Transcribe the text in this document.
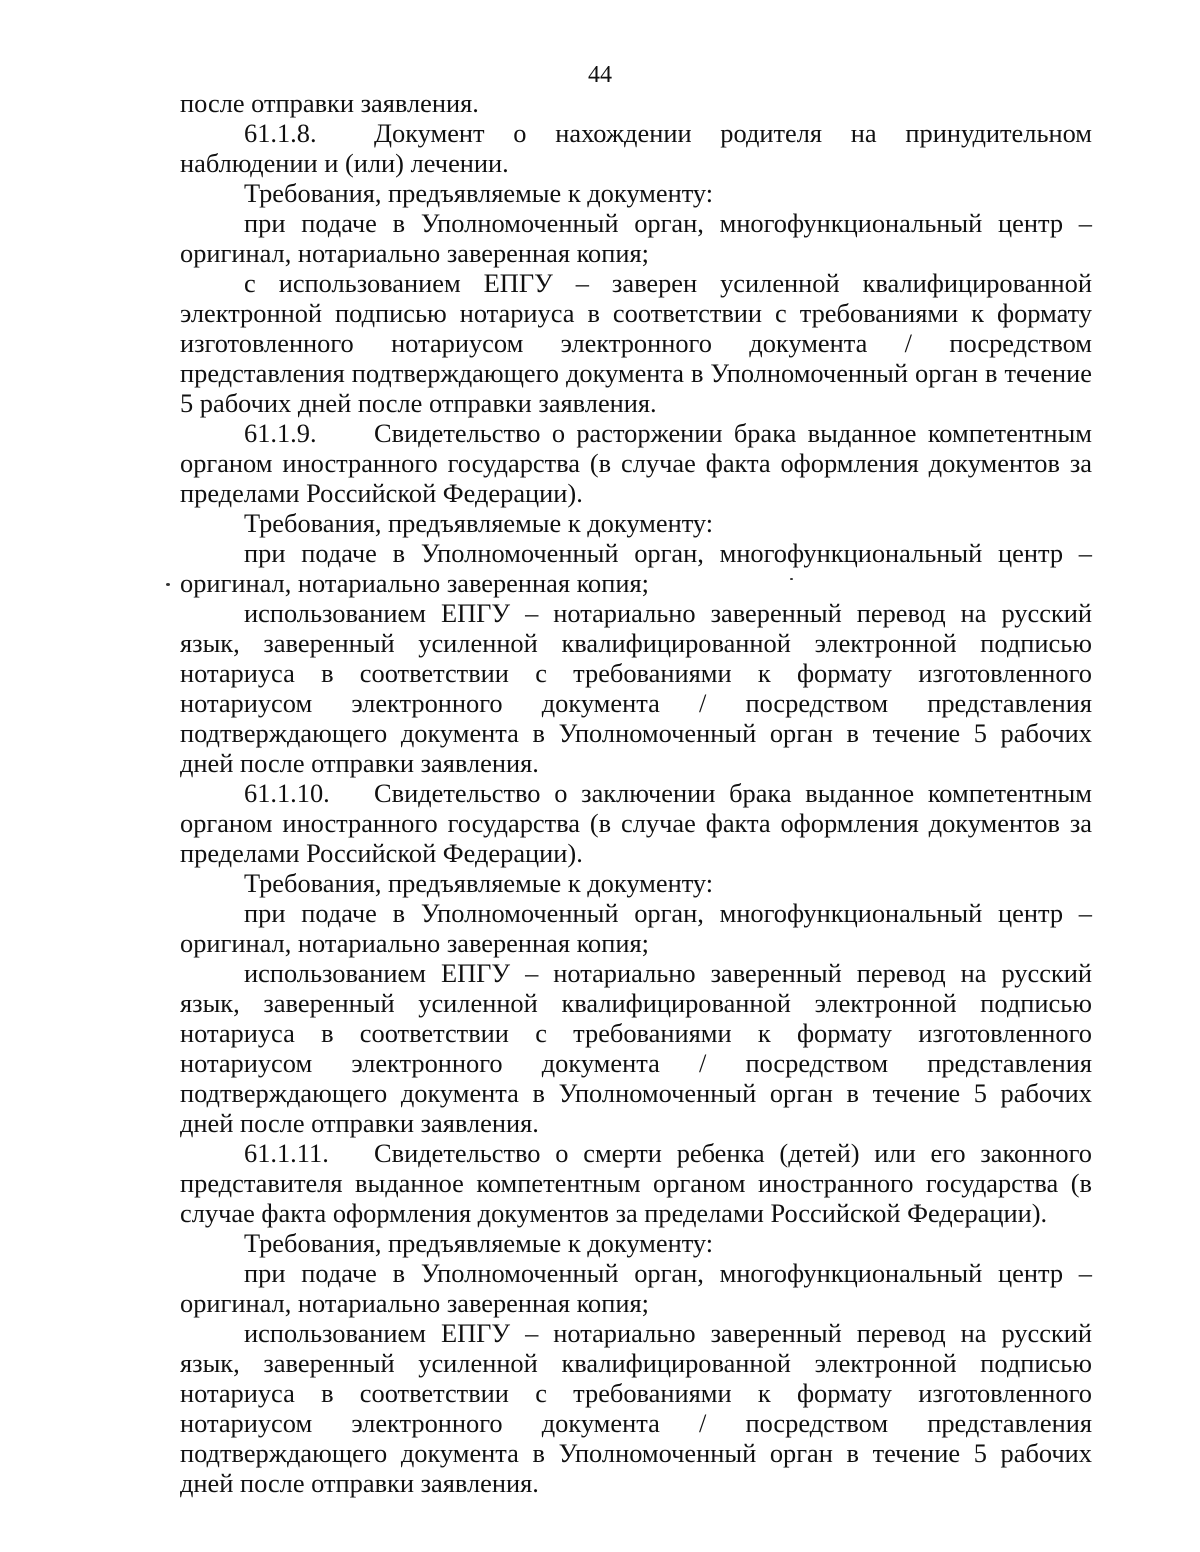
44

после отправки заявления.

61.1.8. Документ о нахождении родителя на принудительном наблюдении и (или) лечении.

Требования, предъявляемые к документу:

при подаче в Уполномоченный орган, многофункциональный центр – оригинал, нотариально заверенная копия;

с использованием ЕПГУ – заверен усиленной квалифицированной электронной подписью нотариуса в соответствии с требованиями к формату изготовленного нотариусом электронного документа / посредством представления подтверждающего документа в Уполномоченный орган в течение 5 рабочих дней после отправки заявления.

61.1.9. Свидетельство о расторжении брака выданное компетентным органом иностранного государства (в случае факта оформления документов за пределами Российской Федерации).

Требования, предъявляемые к документу:

при подаче в Уполномоченный орган, многофункциональный центр – оригинал, нотариально заверенная копия;

использованием ЕПГУ – нотариально заверенный перевод на русский язык, заверенный усиленной квалифицированной электронной подписью нотариуса в соответствии с требованиями к формату изготовленного нотариусом электронного документа / посредством представления подтверждающего документа в Уполномоченный орган в течение 5 рабочих дней после отправки заявления.

61.1.10. Свидетельство о заключении брака выданное компетентным органом иностранного государства (в случае факта оформления документов за пределами Российской Федерации).

Требования, предъявляемые к документу:

при подаче в Уполномоченный орган, многофункциональный центр – оригинал, нотариально заверенная копия;

использованием ЕПГУ – нотариально заверенный перевод на русский язык, заверенный усиленной квалифицированной электронной подписью нотариуса в соответствии с требованиями к формату изготовленного нотариусом электронного документа / посредством представления подтверждающего документа в Уполномоченный орган в течение 5 рабочих дней после отправки заявления.

61.1.11. Свидетельство о смерти ребенка (детей) или его законного представителя выданное компетентным органом иностранного государства (в случае факта оформления документов за пределами Российской Федерации).

Требования, предъявляемые к документу:

при подаче в Уполномоченный орган, многофункциональный центр – оригинал, нотариально заверенная копия;

использованием ЕПГУ – нотариально заверенный перевод на русский язык, заверенный усиленной квалифицированной электронной подписью нотариуса в соответствии с требованиями к формату изготовленного нотариусом электронного документа / посредством представления подтверждающего документа в Уполномоченный орган в течение 5 рабочих дней после отправки заявления.
